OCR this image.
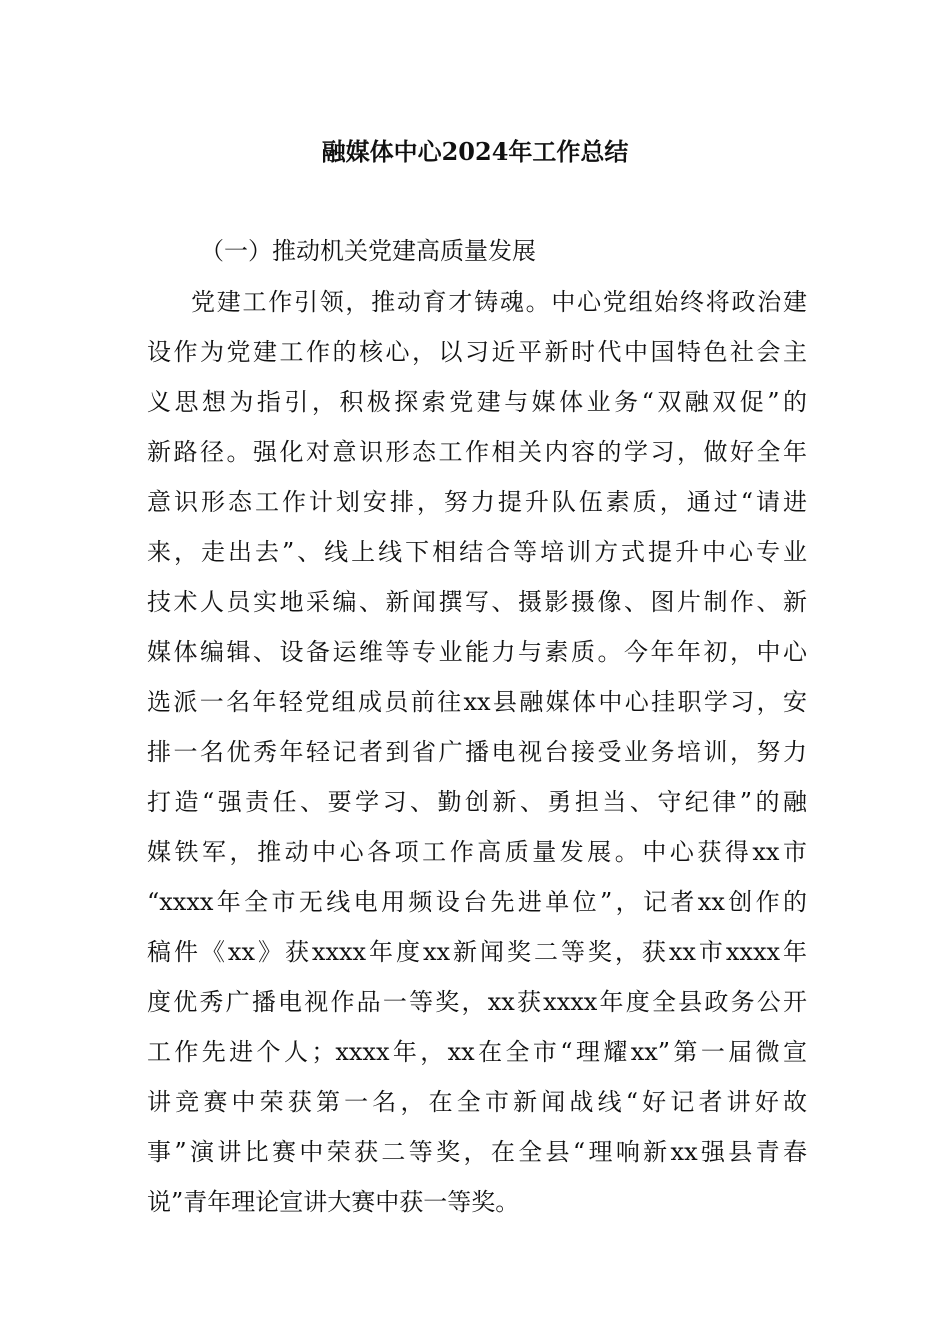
融媒体中心2024年工作总结
（一）推动机关党建高质量发展
党建工作引领，推动育才铸魂。中心党组始终将政治建
设作为党建工作的核心，以习近平新时代中国特色社会主
义思想为指引，积极探索党建与媒体业务“双融双促”的
新路径。强化对意识形态工作相关内容的学习，做好全年
意识形态工作计划安排，努力提升队伍素质，通过“请进
来，走出去”、线上线下相结合等培训方式提升中心专业
技术人员实地采编、新闻撰写、摄影摄像、图片制作、新
媒体编辑、设备运维等专业能力与素质。今年年初，中心
选派一名年轻党组成员前往xx县融媒体中心挂职学习，安
排一名优秀年轻记者到省广播电视台接受业务培训，努力
打造“强责任、要学习、勤创新、勇担当、守纪律”的融
媒铁军，推动中心各项工作高质量发展。中心获得xx市
“xxxx年全市无线电用频设台先进单位”，记者xx创作的
稿件《xx》获xxxx年度xx新闻奖二等奖，获xx市xxxx年
度优秀广播电视作品一等奖，xx获xxxx年度全县政务公开
工作先进个人；xxxx年，xx在全市“理耀xx”第一届微宣
讲竞赛中荣获第一名，在全市新闻战线“好记者讲好故
事”演讲比赛中荣获二等奖，在全县“理响新xx强县青春
说”青年理论宣讲大赛中获一等奖。
